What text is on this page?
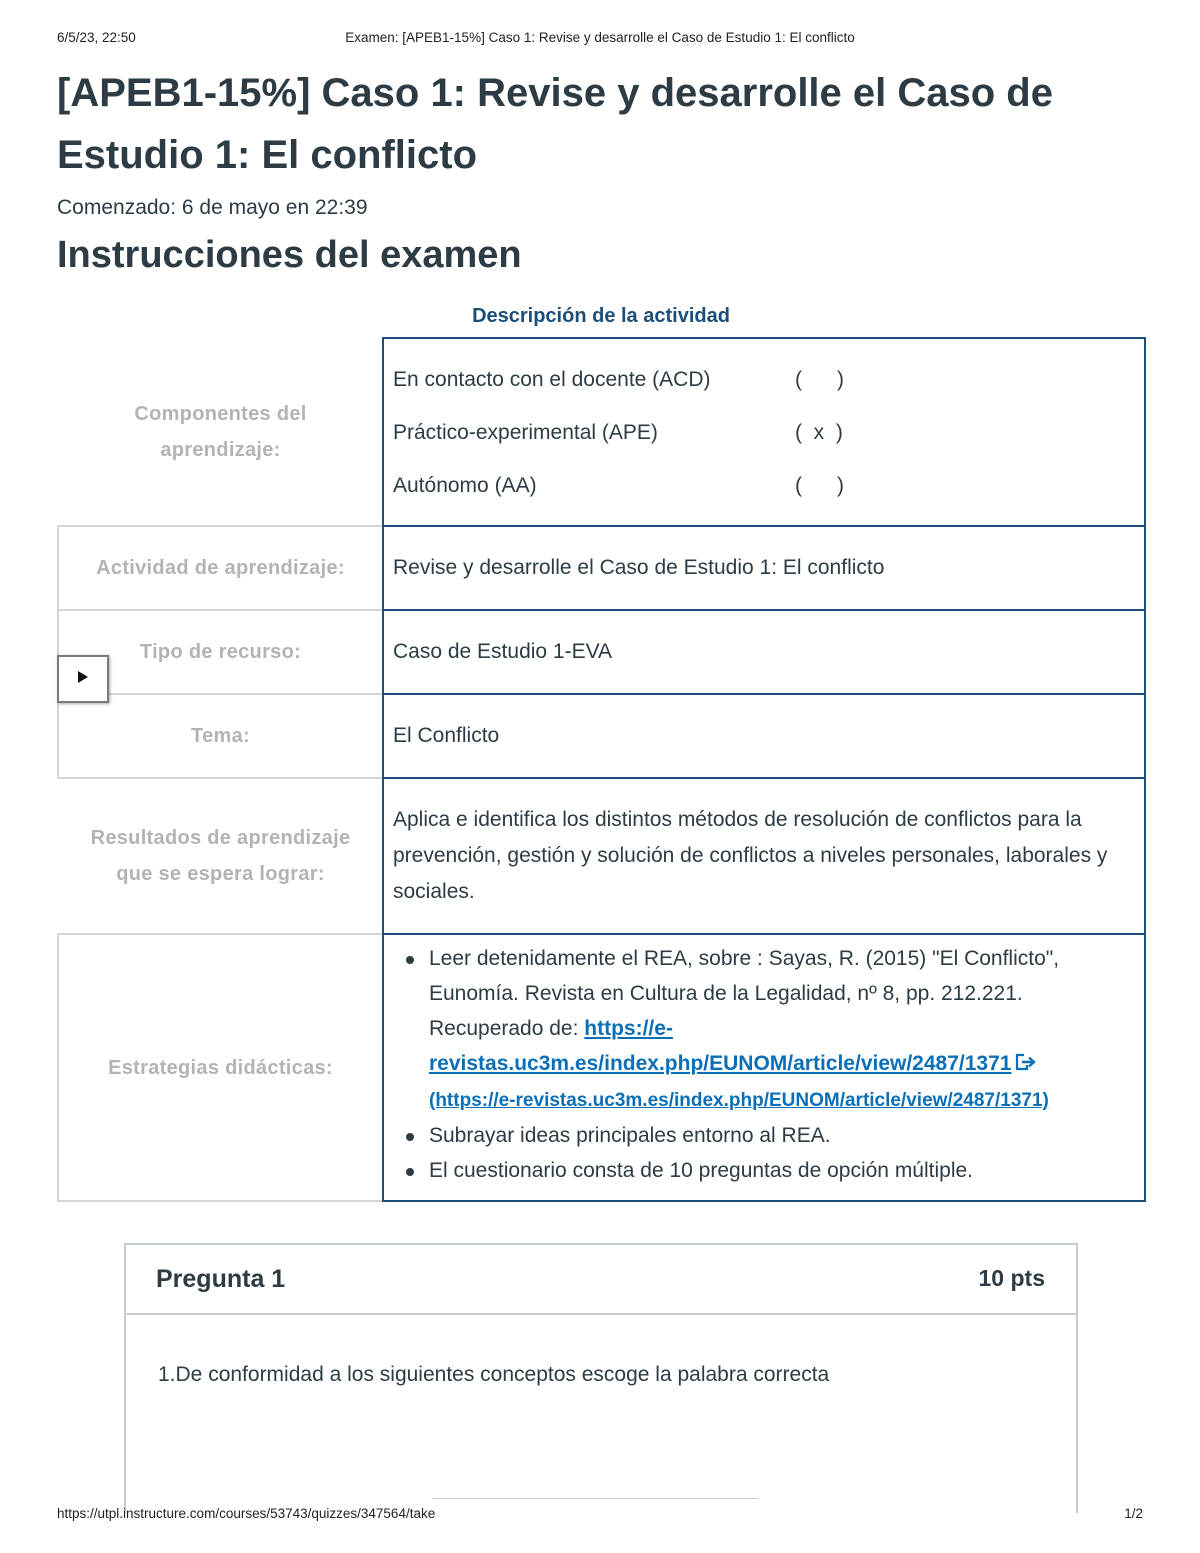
6/5/23, 22:50	Examen: [APEB1-15%] Caso 1: Revise y desarrolle el Caso de Estudio 1: El conflicto
[APEB1-15%] Caso 1: Revise y desarrolle el Caso de Estudio 1: El conflicto
Comenzado: 6 de mayo en 22:39
Instrucciones del examen
Descripción de la actividad
Componentes del aprendizaje:
En contacto con el docente (ACD)	(      )
Práctico-experimental (APE)	(  x  )
Autónomo (AA)	(      )
Actividad de aprendizaje: Revise y desarrolle el Caso de Estudio 1: El conflicto
Tipo de recurso:	Caso de Estudio 1-EVA
Tema:	El Conflicto
Resultados de aprendizaje que se espera lograr:
Aplica e identifica los distintos métodos de resolución de conflictos para la prevención, gestión y solución de conflictos a niveles personales, laborales y sociales.
Estrategias didácticas:
Leer detenidamente el REA, sobre : Sayas, R. (2015) "El Conflicto", Eunomía. Revista en Cultura de la Legalidad, nº 8, pp. 212.221. Recuperado de: https://e-revistas.uc3m.es/index.php/EUNOM/article/view/2487/1371
(https://e-revistas.uc3m.es/index.php/EUNOM/article/view/2487/1371)
Subrayar ideas principales entorno al REA.
El cuestionario consta de 10 preguntas de opción múltiple.
Pregunta 1	10 pts
1.De conformidad a los siguientes conceptos escoge la palabra correcta
https://utpl.instructure.com/courses/53743/quizzes/347564/take	1/2
